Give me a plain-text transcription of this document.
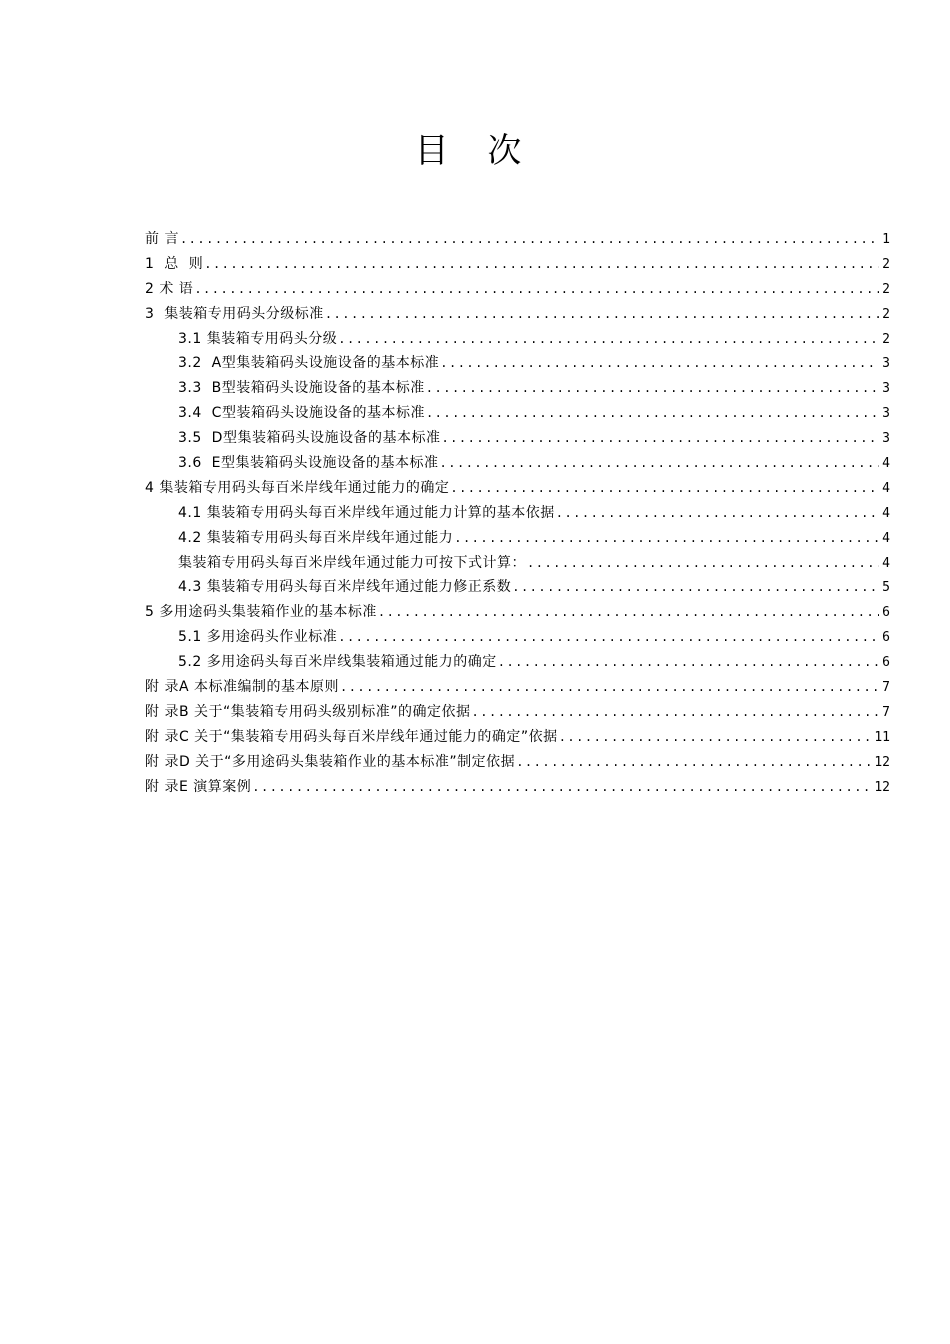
目 次
前 言 .....	1
1  总  则 .....	2
2 术 语 .....	2
3  集装箱专用码头分级标准 .....	2
3.1 集装箱专用码头分级 .....	2
3.2  A型集装箱码头设施设备的基本标准 .....	3
3.3  B型装箱码头设施设备的基本标准 .....	3
3.4  C型装箱码头设施设备的基本标准 .....	3
3.5  D型集装箱码头设施设备的基本标准 .....	3
3.6  E型集装箱码头设施设备的基本标准 .....	4
4 集装箱专用码头每百米岸线年通过能力的确定 .....	4
4.1 集装箱专用码头每百米岸线年通过能力计算的基本依据 .....	4
4.2 集装箱专用码头每百米岸线年通过能力 .....	4
集装箱专用码头每百米岸线年通过能力可按下式计算： .....	4
4.3 集装箱专用码头每百米岸线年通过能力修正系数 .....	5
5 多用途码头集装箱作业的基本标准 .....	6
5.1 多用途码头作业标准 .....	6
5.2 多用途码头每百米岸线集装箱通过能力的确定 .....	6
附 录A 本标准编制的基本原则 .....	7
附 录B 关于“集装箱专用码头级别标准”的确定依据 .....	7
附 录C 关于“集装箱专用码头每百米岸线年通过能力的确定”依据 .....	11
附 录D 关于“多用途码头集装箱作业的基本标准”制定依据 .....	12
附 录E 演算案例 .....	12
